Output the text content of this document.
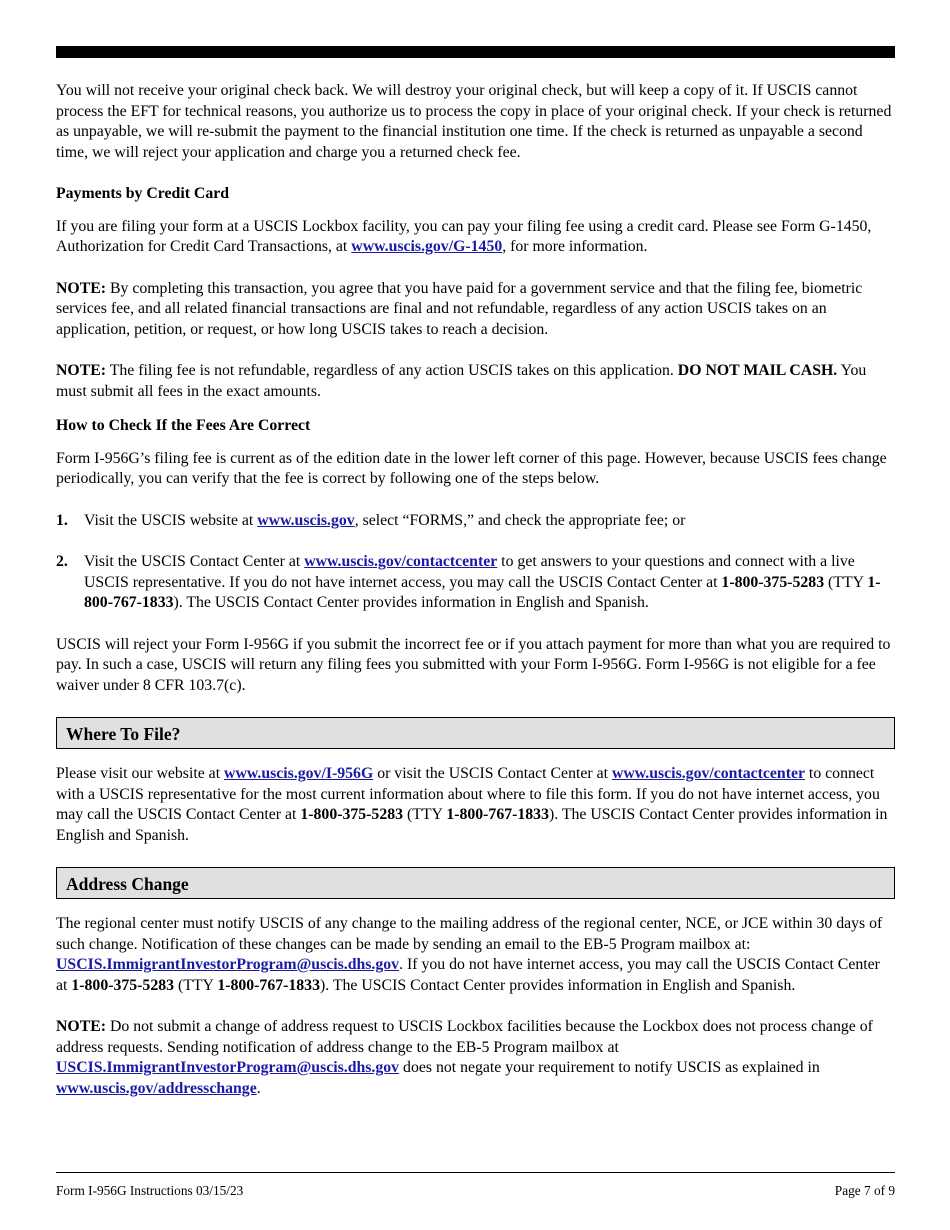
You will not receive your original check back. We will destroy your original check, but will keep a copy of it. If USCIS cannot process the EFT for technical reasons, you authorize us to process the copy in place of your original check. If your check is returned as unpayable, we will re-submit the payment to the financial institution one time. If the check is returned as unpayable a second time, we will reject your application and charge you a returned check fee.

Payments by Credit Card

If you are filing your form at a USCIS Lockbox facility, you can pay your filing fee using a credit card. Please see Form G-1450, Authorization for Credit Card Transactions, at www.uscis.gov/G-1450, for more information.

NOTE: By completing this transaction, you agree that you have paid for a government service and that the filing fee, biometric services fee, and all related financial transactions are final and not refundable, regardless of any action USCIS takes on an application, petition, or request, or how long USCIS takes to reach a decision.

NOTE: The filing fee is not refundable, regardless of any action USCIS takes on this application. DO NOT MAIL CASH. You must submit all fees in the exact amounts.

How to Check If the Fees Are Correct

Form I-956G’s filing fee is current as of the edition date in the lower left corner of this page. However, because USCIS fees change periodically, you can verify that the fee is correct by following one of the steps below.

1. Visit the USCIS website at www.uscis.gov, select “FORMS,” and check the appropriate fee; or
2. Visit the USCIS Contact Center at www.uscis.gov/contactcenter to get answers to your questions and connect with a live USCIS representative. If you do not have internet access, you may call the USCIS Contact Center at 1-800-375-5283 (TTY 1-800-767-1833). The USCIS Contact Center provides information in English and Spanish.

USCIS will reject your Form I-956G if you submit the incorrect fee or if you attach payment for more than what you are required to pay. In such a case, USCIS will return any filing fees you submitted with your Form I-956G. Form I-956G is not eligible for a fee waiver under 8 CFR 103.7(c).

Where To File?

Please visit our website at www.uscis.gov/I-956G or visit the USCIS Contact Center at www.uscis.gov/contactcenter to connect with a USCIS representative for the most current information about where to file this form. If you do not have internet access, you may call the USCIS Contact Center at 1-800-375-5283 (TTY 1-800-767-1833). The USCIS Contact Center provides information in English and Spanish.

Address Change

The regional center must notify USCIS of any change to the mailing address of the regional center, NCE, or JCE within 30 days of such change. Notification of these changes can be made by sending an email to the EB-5 Program mailbox at: USCIS.ImmigrantInvestorProgram@uscis.dhs.gov. If you do not have internet access, you may call the USCIS Contact Center at 1-800-375-5283 (TTY 1-800-767-1833). The USCIS Contact Center provides information in English and Spanish.

NOTE: Do not submit a change of address request to USCIS Lockbox facilities because the Lockbox does not process change of address requests. Sending notification of address change to the EB-5 Program mailbox at USCIS.ImmigrantInvestorProgram@uscis.dhs.gov does not negate your requirement to notify USCIS as explained in www.uscis.gov/addresschange.

Form I-956G Instructions 03/15/23	Page 7 of 9
